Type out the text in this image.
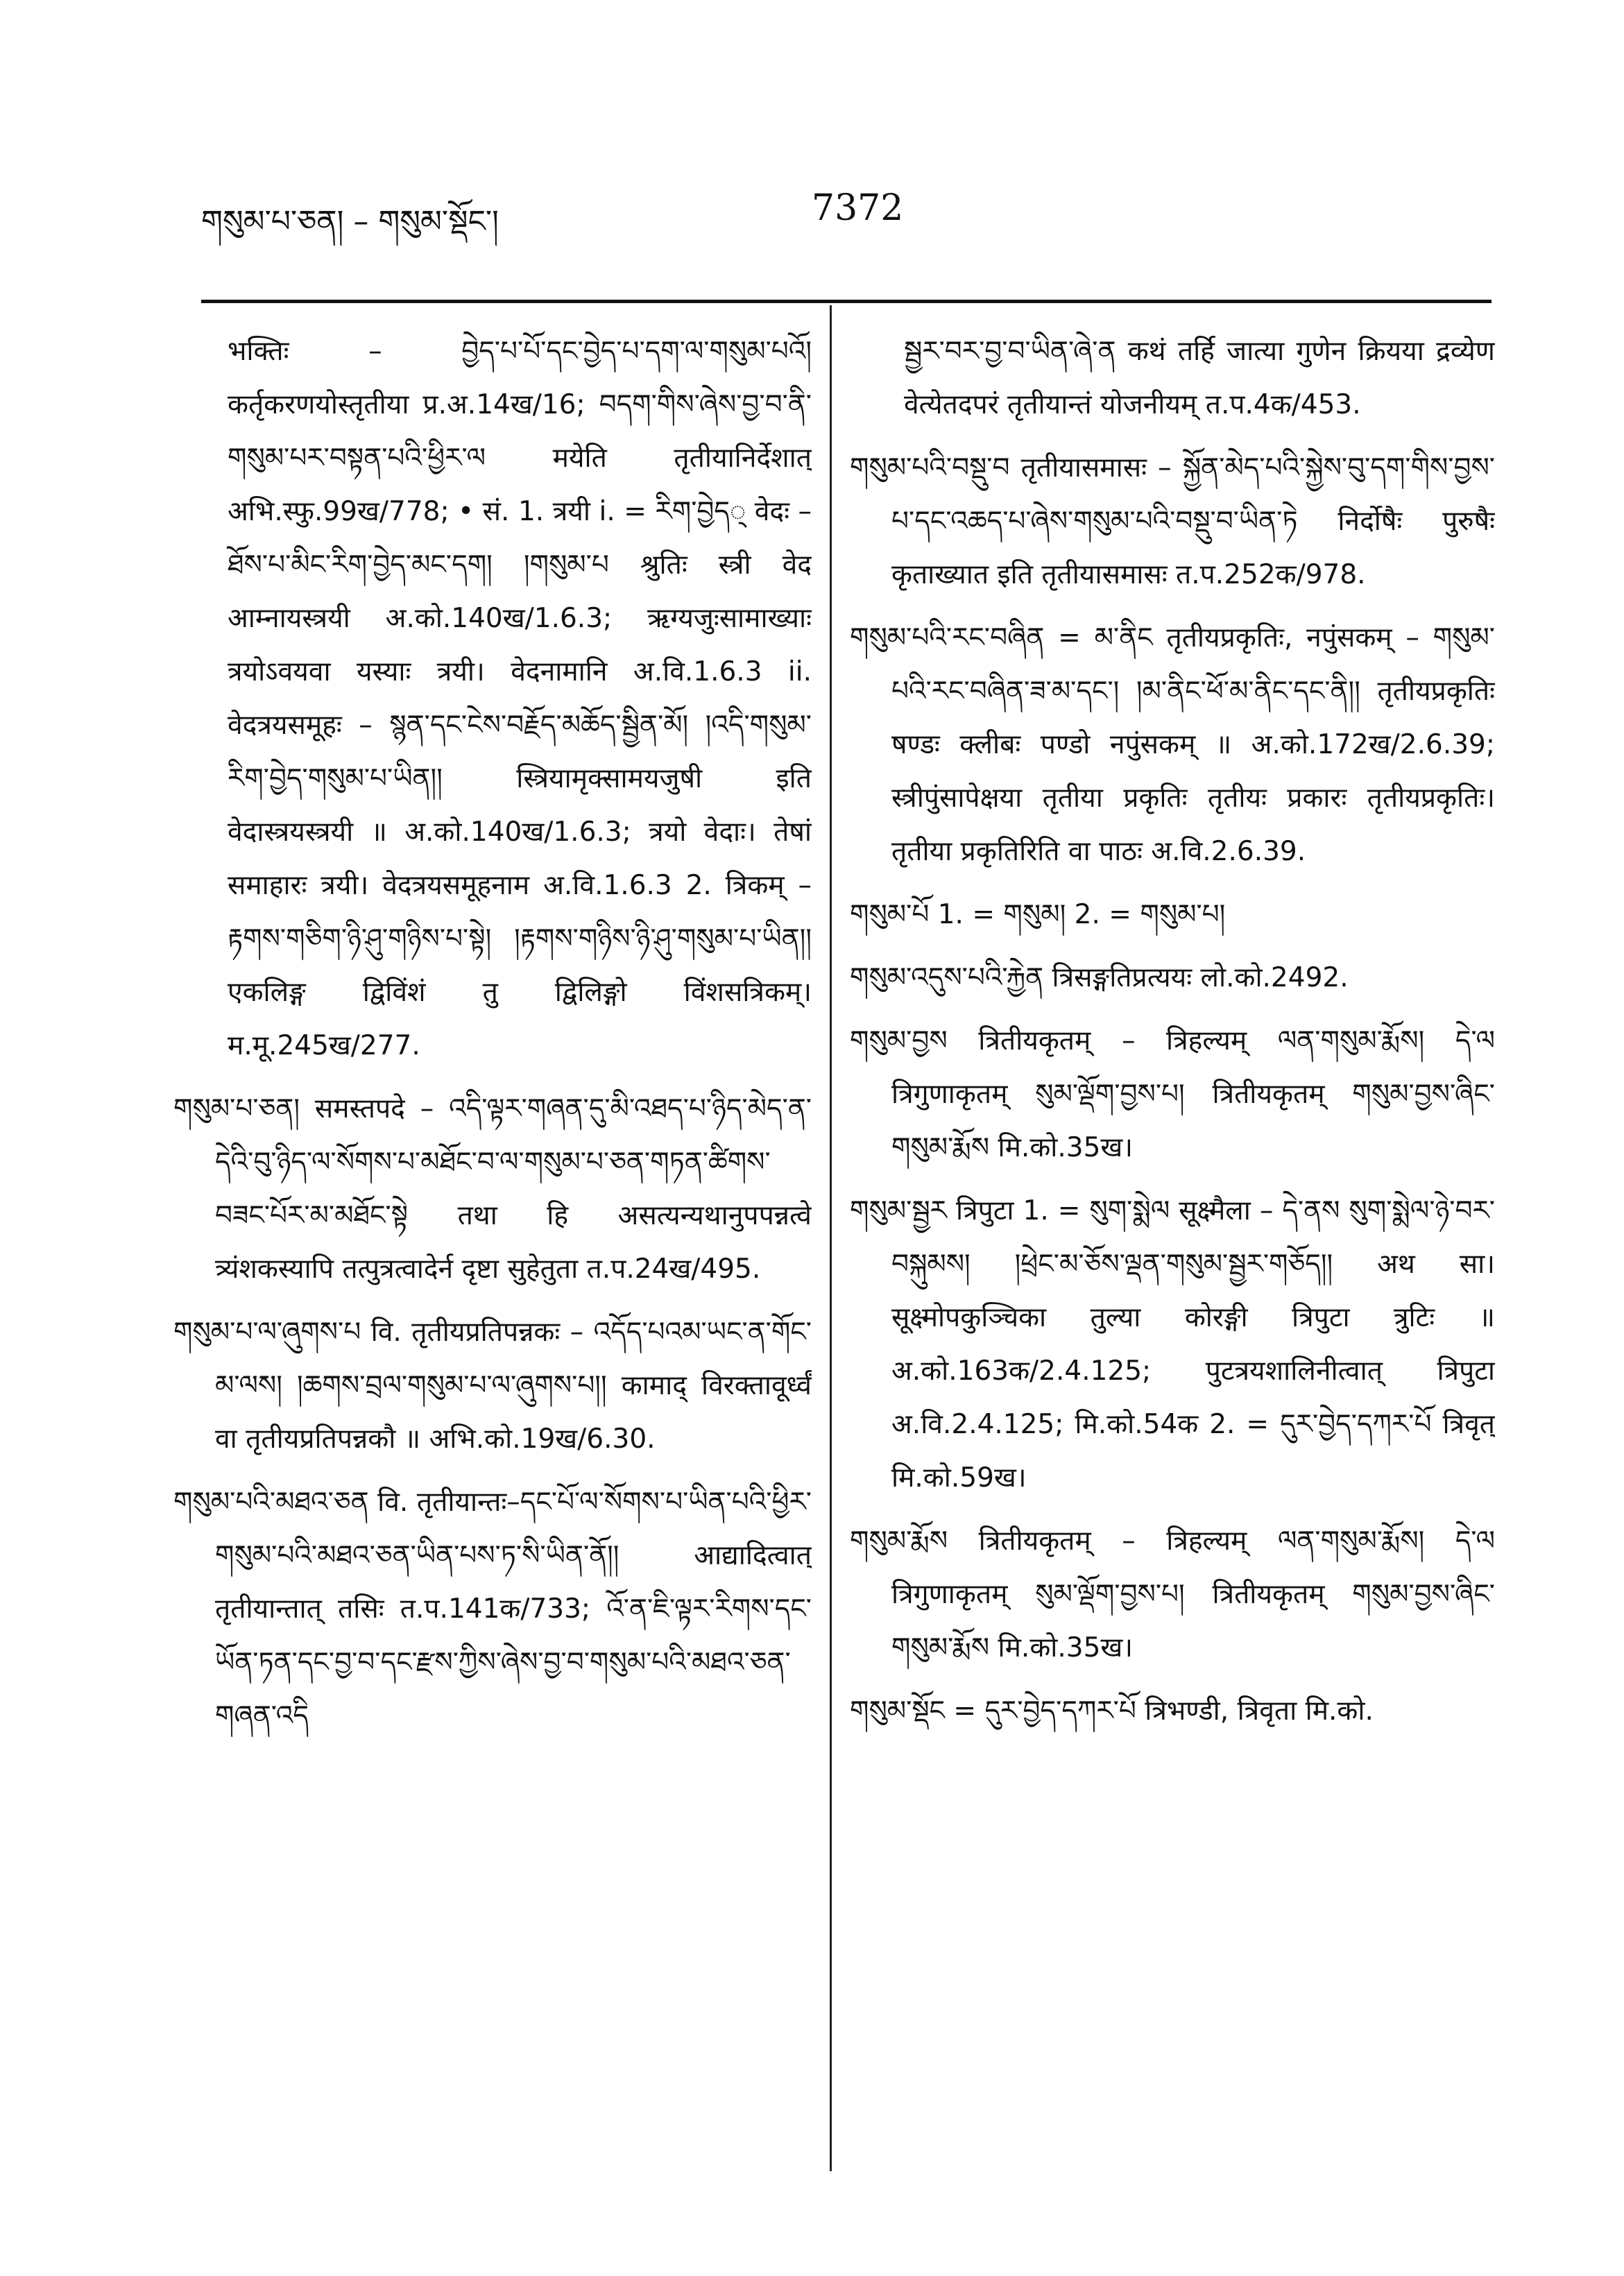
གསུམ་པ་ཅན། – གསུམ་སྡོང་།	7372

भक्तिः – བྱེད་པ་པོ་དང་བྱེད་པ་དག་ལ་གསུམ་པའོ། कर्तृकरणयोस्तृतीया प्र.अ.14ख/16; བདག་གིས་ཞེས་བྱ་བ་ནི་གསུམ་པར་བསྟན་པའི་ཕྱིར་ལ मयेति तृतीयानिर्देशात् अभि.स्फु.99ख/778; • सं. 1. त्रयी i. = རིག་བྱེད् वेदः – ཐོས་པ་མིང་རིག་བྱེད་མང་དག། །གསུམ་པ श्रुतिः स्त्री वेद आम्नायस्त्रयी अ.को.140ख/1.6.3; ऋग्यजुःसामाख्याः त्रयोऽवयवा यस्याः त्रयी। वेदनामानि अ.वि.1.6.3 ii. वेदत्रयसमूहः – སྙན་དང་ངེས་བརྗོད་མཆོད་སྦྱིན་མོ། །འདི་གསུམ་རིག་བྱེད་གསུམ་པ་ཡིན།། स्त्रियामृक्सामयजुषी इति वेदास्त्रयस्त्रयी ॥ अ.को.140ख/1.6.3; त्रयो वेदाः। तेषां समाहारः त्रयी। वेदत्रयसमूहनाम अ.वि.1.6.3 2. त्रिकम् – རྟགས་གཅིག་ཉི་ཤུ་གཉིས་པ་སྟེ། །རྟགས་གཉིས་ཉི་ཤུ་གསུམ་པ་ཡིན།། एकलिङ्ग द्विविंशं तु द्विलिङ्गो विंशसत्रिकम्। म.मू.245ख/277.

གསུམ་པ་ཅན། समस्तपदे – འདི་ལྟར་གཞན་དུ་མི་འཐད་པ་ཉིད་མེད་ན་དེའི་བུ་ཉིད་ལ་སོགས་པ་མཐོང་བ་ལ་གསུམ་པ་ཅན་གཏན་ཚིགས་བཟང་པོར་མ་མཐོང་སྟེ तथा हि असत्यन्यथानुपपन्नत्वे त्र्यंशकस्यापि तत्पुत्रत्वादेर्न दृष्टा सुहेतुता त.प.24ख/495.

གསུམ་པ་ལ་ཞུགས་པ वि. तृतीयप्रतिपन्नकः – འདོད་པའམ་ཡང་ན་གོང་མ་ལས། །ཆགས་བྲལ་གསུམ་པ་ལ་ཞུགས་པ།། कामाद् विरक्तावूर्ध्वं वा तृतीयप्रतिपन्नकौ ॥ अभि.को.19ख/6.30.

གསུམ་པའི་མཐའ་ཅན वि. तृतीयान्तः–དང་པོ་ལ་སོགས་པ་ཡིན་པའི་ཕྱིར་གསུམ་པའི་མཐའ་ཅན་ཡིན་པས་ཏ་སི་ཡིན་ནོ།། आद्यादित्वात् तृतीयान्तात् तसिः त.प.141क/733; འོ་ན་ཇི་ལྟར་རིགས་དང་ཡོན་ཏན་དང་བྱ་བ་དང་རྫས་ཀྱིས་ཞེས་བྱ་བ་གསུམ་པའི་མཐའ་ཅན་གཞན་འདི

སྦྱར་བར་བྱ་བ་ཡིན་ཞེ་ན कथं तर्हि जात्या गुणेन क्रियया द्रव्येण वेत्येतदपरं तृतीयान्तं योजनीयम् त.प.4क/453.

གསུམ་པའི་བསྡུ་བ तृतीयासमासः – སྐྱོན་མེད་པའི་སྐྱེས་བུ་དག་གིས་བྱས་པ་དང་འཆད་པ་ཞེས་གསུམ་པའི་བསྡུ་བ་ཡིན་ཏེ निर्दोषैः पुरुषैः कृताख्यात इति तृतीयासमासः त.प.252क/978.

གསུམ་པའི་རང་བཞིན = མ་ནིང तृतीयप्रकृतिः, नपुंसकम् – གསུམ་པའི་རང་བཞིན་ཟ་མ་དང་། །མ་ནིང་ཕོ་མ་ནིང་དང་ནི།། तृतीयप्रकृतिः षण्डः क्लीबः पण्डो नपुंसकम् ॥ अ.को.172ख/2.6.39; स्त्रीपुंसापेक्षया तृतीया प्रकृतिः तृतीयः प्रकारः तृतीयप्रकृतिः। तृतीया प्रकृतिरिति वा पाठः अ.वि.2.6.39.

གསུམ་པོ 1. = གསུམ། 2. = གསུམ་པ།

གསུམ་འདུས་པའི་རྐྱེན त्रिसङ्गतिप्रत्ययः लो.को.2492.

གསུམ་བྱས त्रितीयकृतम् – त्रिहल्यम् ལན་གསུམ་རྨོས། དེ་ལ त्रिगुणाकृतम् སུམ་ལྡོག་བྱས་པ། त्रितीयकृतम् གསུམ་བྱས་ཞིང་གསུམ་རྨོས मि.को.35ख।

གསུམ་སྦྱར त्रिपुटा 1. = སུག་སྨེལ सूक्ष्मैला – དེ་ནས སུག་སྨེལ་ཉེ་བར་བསྐུམས། །ཕྲེང་མ་ཅོས་ལྡན་གསུམ་སྦྱར་གཅོད།། अथ सा। सूक्ष्मोपकुञ्चिका तुल्या कोरङ्गी त्रिपुटा त्रुटिः ॥ अ.को.163क/2.4.125; पुटत्रयशालिनीत्वात् त्रिपुटा अ.वि.2.4.125; मि.को.54क 2. = དུར་བྱེད་དཀར་པོ त्रिवृत् मि.को.59ख।

གསུམ་རྨོས त्रितीयकृतम् – त्रिहल्यम् ལན་གསུམ་རྨོས། དེ་ལ त्रिगुणाकृतम् སུམ་ལྡོག་བྱས་པ། त्रितीयकृतम् གསུམ་བྱས་ཞིང་གསུམ་རྨོས मि.को.35ख।

གསུམ་སྡོང = དུར་བྱེད་དཀར་པོ त्रिभण्डी, त्रिवृता मि.को.
